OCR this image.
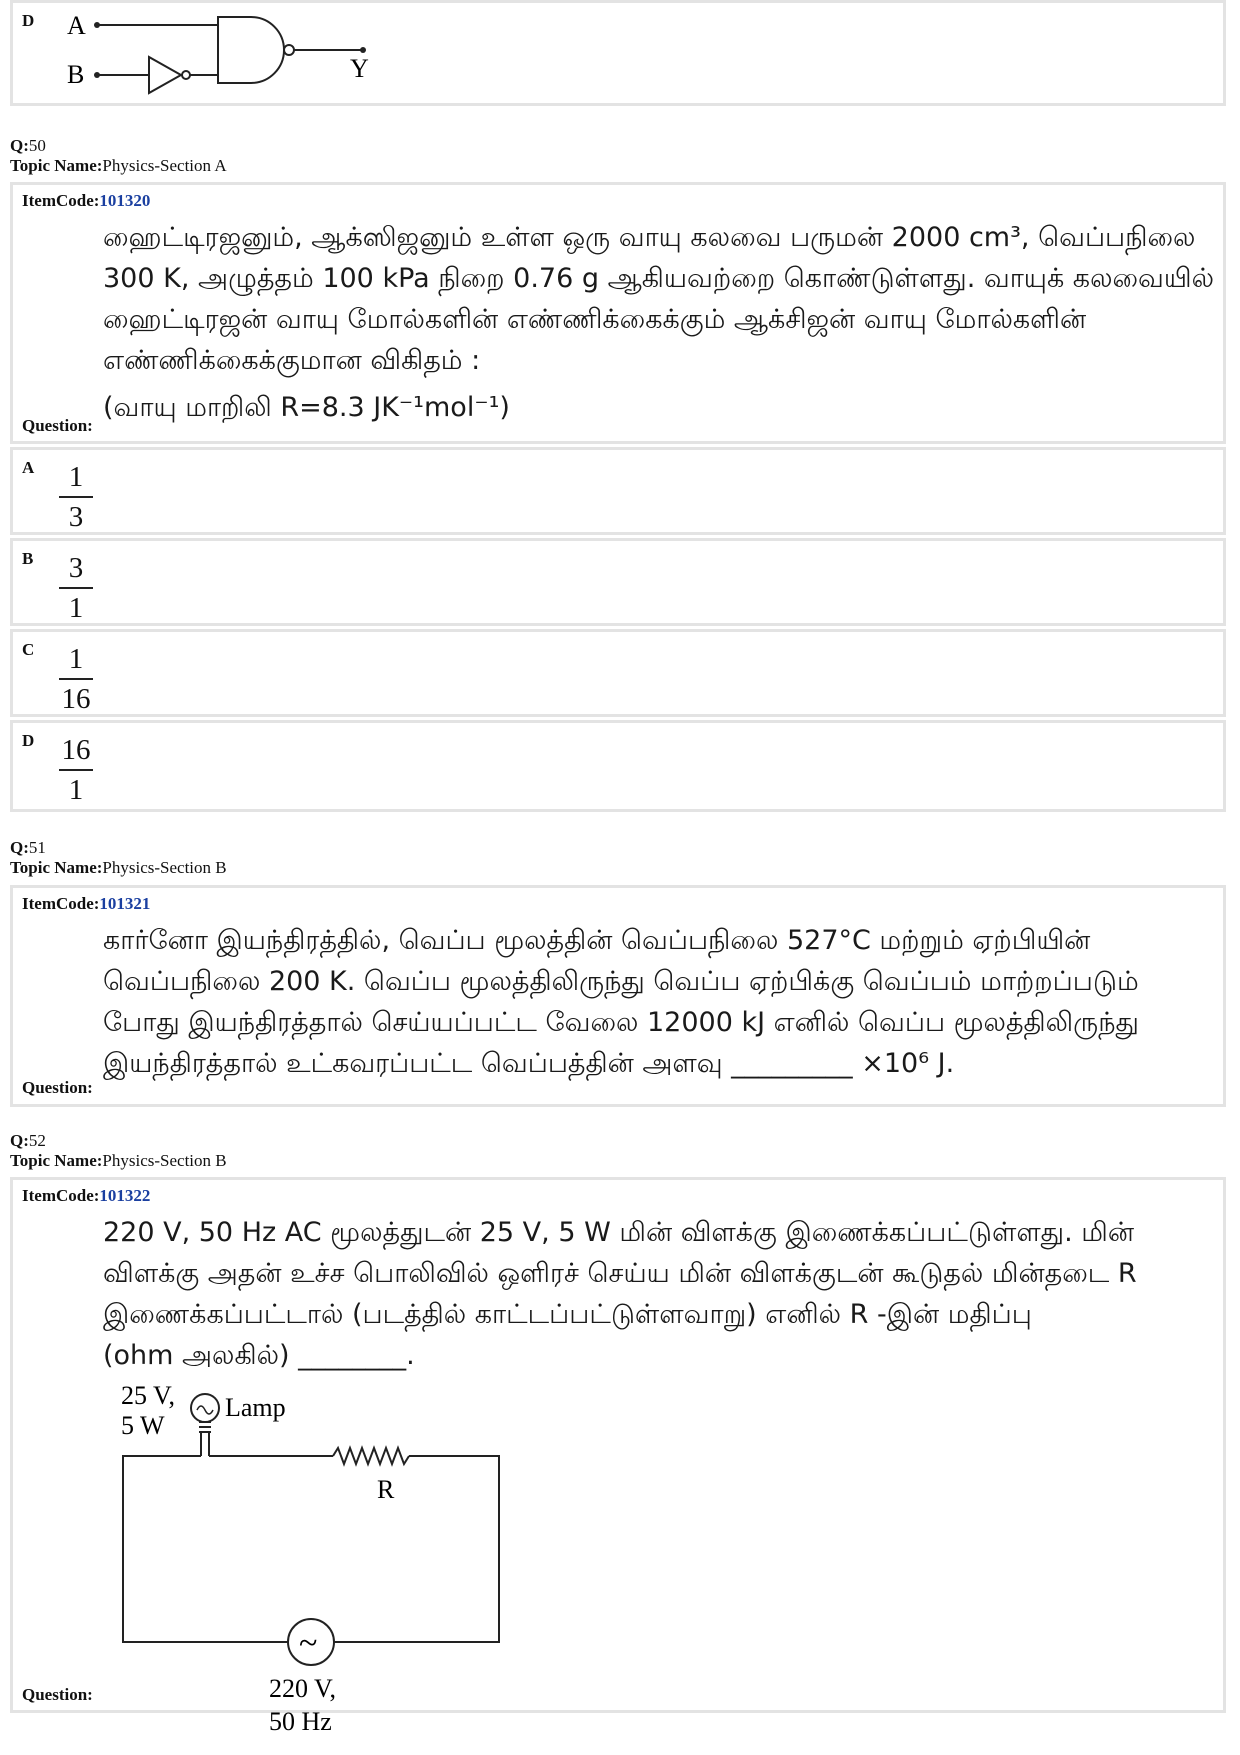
D A
B	Y
Q:50
Topic Name:Physics-Section A
ItemCode:101320
ஹைட்டிரஜனும், ஆக்ஸிஜனும் உள்ள ஒரு வாயு கலவை பருமன் 2000 cm³, வெப்பநிலை
300 K, அழுத்தம் 100 kPa நிறை 0.76 g ஆகியவற்றை கொண்டுள்ளது. வாயுக் கலவையில்
ஹைட்டிரஜன் வாயு மோல்களின் எண்ணிக்கைக்கும் ஆக்சிஜன் வாயு மோல்களின்
எண்ணிக்கைக்குமான விகிதம் :
(வாயு மாறிலி R=8.3 JK⁻¹mol⁻¹)
Question:
A 1
3
B 3
1
C 1
16
D 16
1
Q:51
Topic Name:Physics-Section B
ItemCode:101321
கார்னோ இயந்திரத்தில், வெப்ப மூலத்தின் வெப்பநிலை 527°C மற்றும் ஏற்பியின்
வெப்பநிலை 200 K. வெப்ப மூலத்திலிருந்து வெப்ப ஏற்பிக்கு வெப்பம் மாற்றப்படும்
போது இயந்திரத்தால் செய்யப்பட்ட வேலை 12000 kJ எனில் வெப்ப மூலத்திலிருந்து
இயந்திரத்தால் உட்கவரப்பட்ட வெப்பத்தின் அளவு _________ ×10⁶ J.
Question:
Q:52
Topic Name:Physics-Section B
ItemCode:101322
220 V, 50 Hz AC மூலத்துடன் 25 V, 5 W மின் விளக்கு இணைக்கப்பட்டுள்ளது. மின்
விளக்கு அதன் உச்ச பொலிவில் ஒளிரச் செய்ய மின் விளக்குடன் கூடுதல் மின்தடை R
இணைக்கப்பட்டால் (படத்தில் காட்டப்பட்டுள்ளவாறு) எனில் R -இன் மதிப்பு
(ohm அலகில்) ________.
25 V,
5 W
Lamp
R
~
220 V,
50 Hz
Question:
